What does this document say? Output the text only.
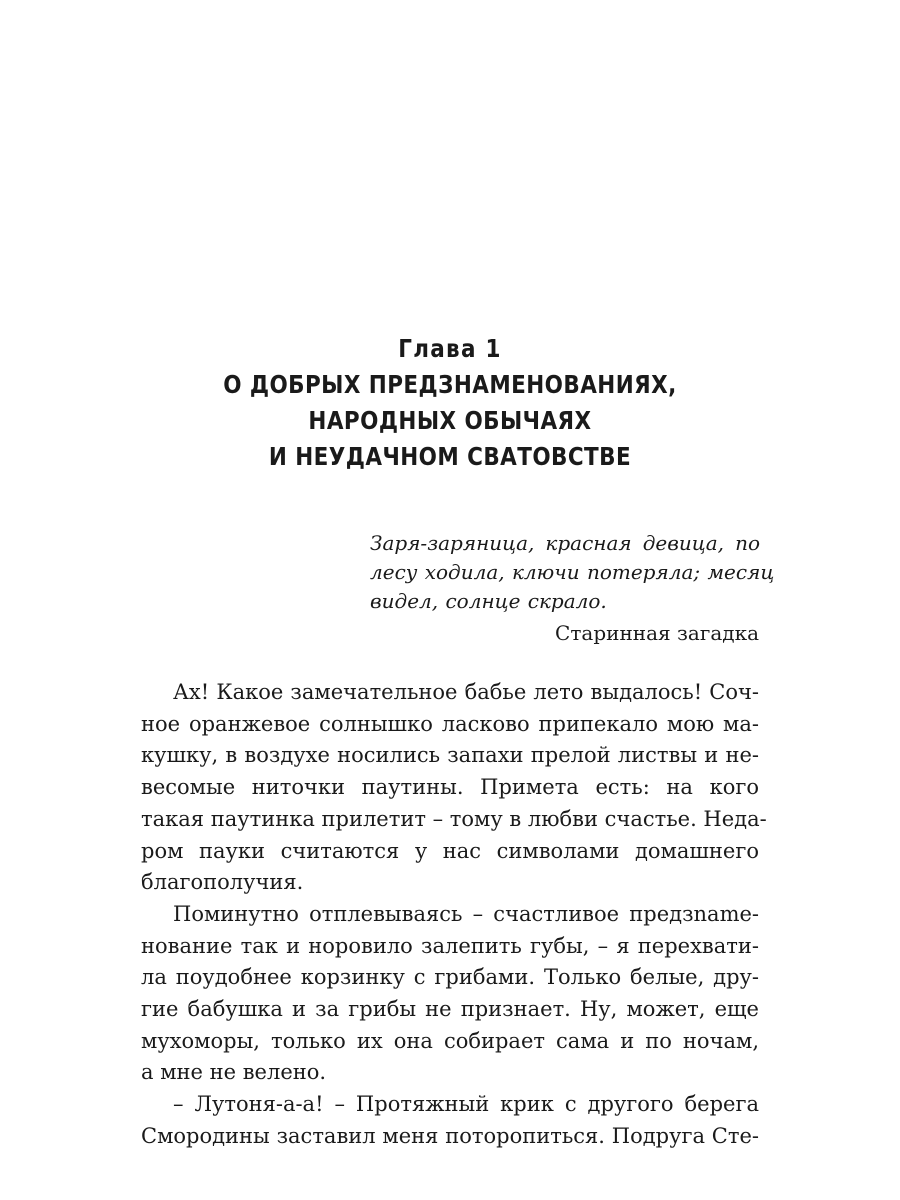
Глава 1
О ДОБРЫХ ПРЕДЗНАМЕНОВАНИЯХ,
НАРОДНЫХ ОБЫЧАЯХ
И НЕУДАЧНОМ СВАТОВСТВЕ
Заря-заряница, красная девица, по
лесу ходила, ключи потеряла; месяц
видел, солнце скрало.
Старинная загадка
Ах! Какое замечательное бабье лето выдалось! Соч-
ное оранжевое солнышко ласково припекало мою ма-
кушку, в воздухе носились запахи прелой листвы и не-
весомые ниточки паутины. Примета есть: на кого
такая паутинка прилетит – тому в любви счастье. Неда-
ром пауки считаются у нас символами домашнего
благополучия.
Поминутно отплевываясь – счастливое предзname-
нование так и норовило залепить губы, – я перехвати-
ла поудобнее корзинку с грибами. Только белые, дру-
гие бабушка и за грибы не признает. Ну, может, еще
мухоморы, только их она собирает сама и по ночам,
а мне не велено.
– Лутоня-а-а! – Протяжный крик с другого берега
Смородины заставил меня поторопиться. Подруга Сте-
